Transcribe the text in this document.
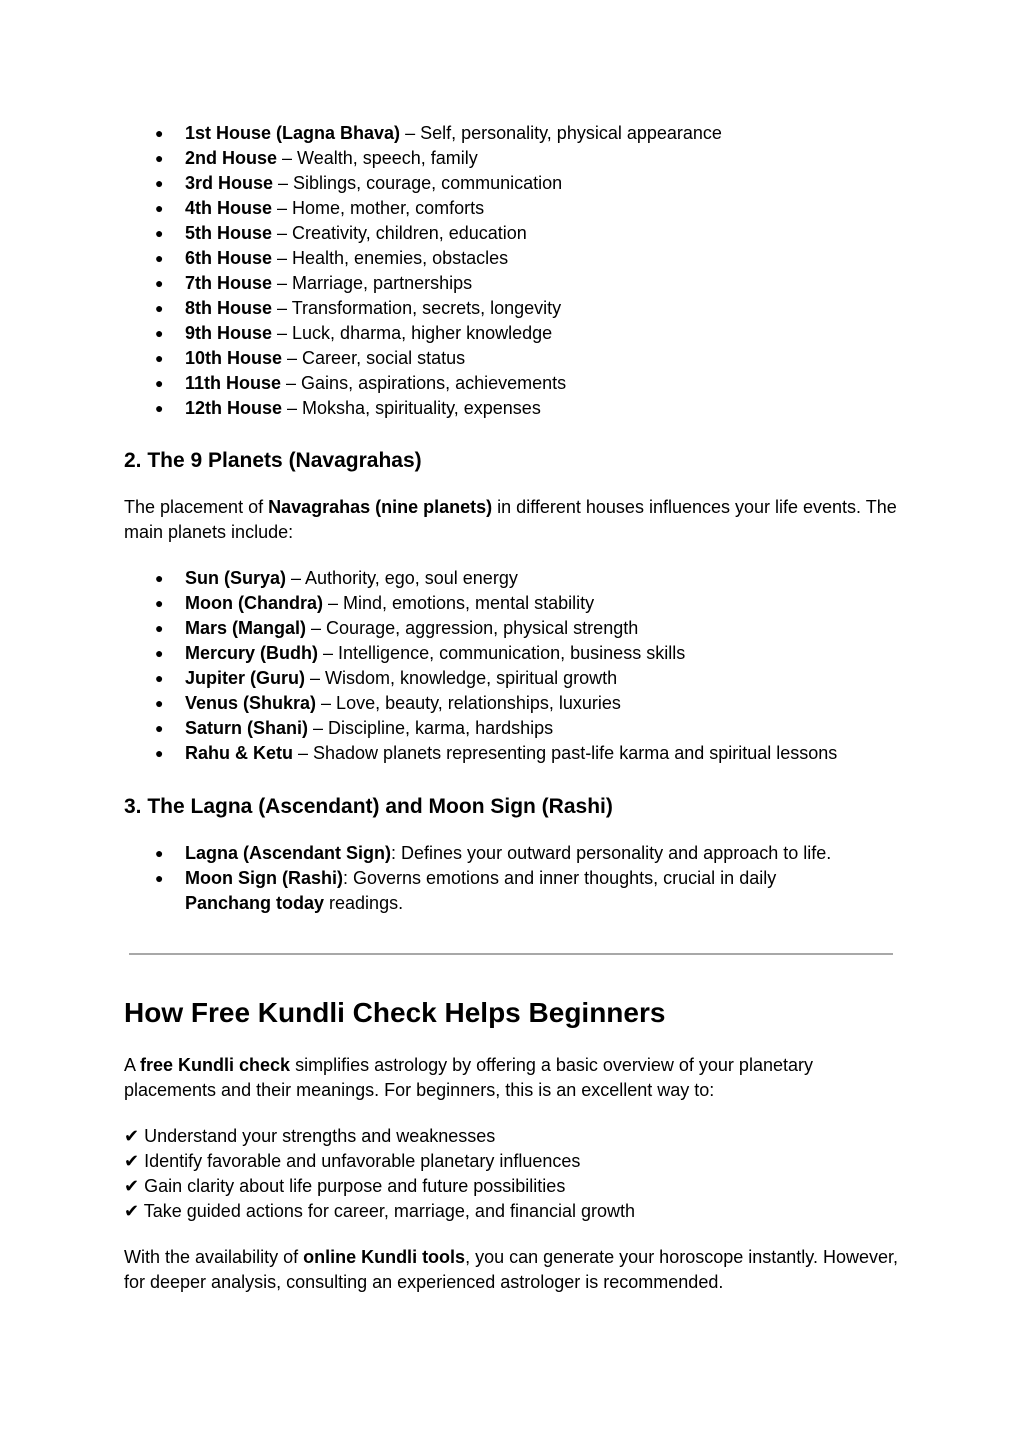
● 1st House (Lagna Bhava) – Self, personality, physical appearance
● 2nd House – Wealth, speech, family
● 3rd House – Siblings, courage, communication
● 4th House – Home, mother, comforts
● 5th House – Creativity, children, education
● 6th House – Health, enemies, obstacles
● 7th House – Marriage, partnerships
● 8th House – Transformation, secrets, longevity
● 9th House – Luck, dharma, higher knowledge
● 10th House – Career, social status
● 11th House – Gains, aspirations, achievements
● 12th House – Moksha, spirituality, expenses
2. The 9 Planets (Navagrahas)

The placement of Navagrahas (nine planets) in different houses influences your life events. The main planets include:

● Sun (Surya) – Authority, ego, soul energy
● Moon (Chandra) – Mind, emotions, mental stability
● Mars (Mangal) – Courage, aggression, physical strength
● Mercury (Budh) – Intelligence, communication, business skills
● Jupiter (Guru) – Wisdom, knowledge, spiritual growth
● Venus (Shukra) – Love, beauty, relationships, luxuries
● Saturn (Shani) – Discipline, karma, hardships
● Rahu & Ketu – Shadow planets representing past-life karma and spiritual lessons
3. The Lagna (Ascendant) and Moon Sign (Rashi)
● Lagna (Ascendant Sign): Defines your outward personality and approach to life.
● Moon Sign (Rashi): Governs emotions and inner thoughts, crucial in daily Panchang today readings.
How Free Kundli Check Helps Beginners

A free Kundli check simplifies astrology by offering a basic overview of your planetary placements and their meanings. For beginners, this is an excellent way to:

✔ Understand your strengths and weaknesses
✔ Identify favorable and unfavorable planetary influences
✔ Gain clarity about life purpose and future possibilities
✔ Take guided actions for career, marriage, and financial growth

With the availability of online Kundli tools, you can generate your horoscope instantly. However, for deeper analysis, consulting an experienced astrologer is recommended.
